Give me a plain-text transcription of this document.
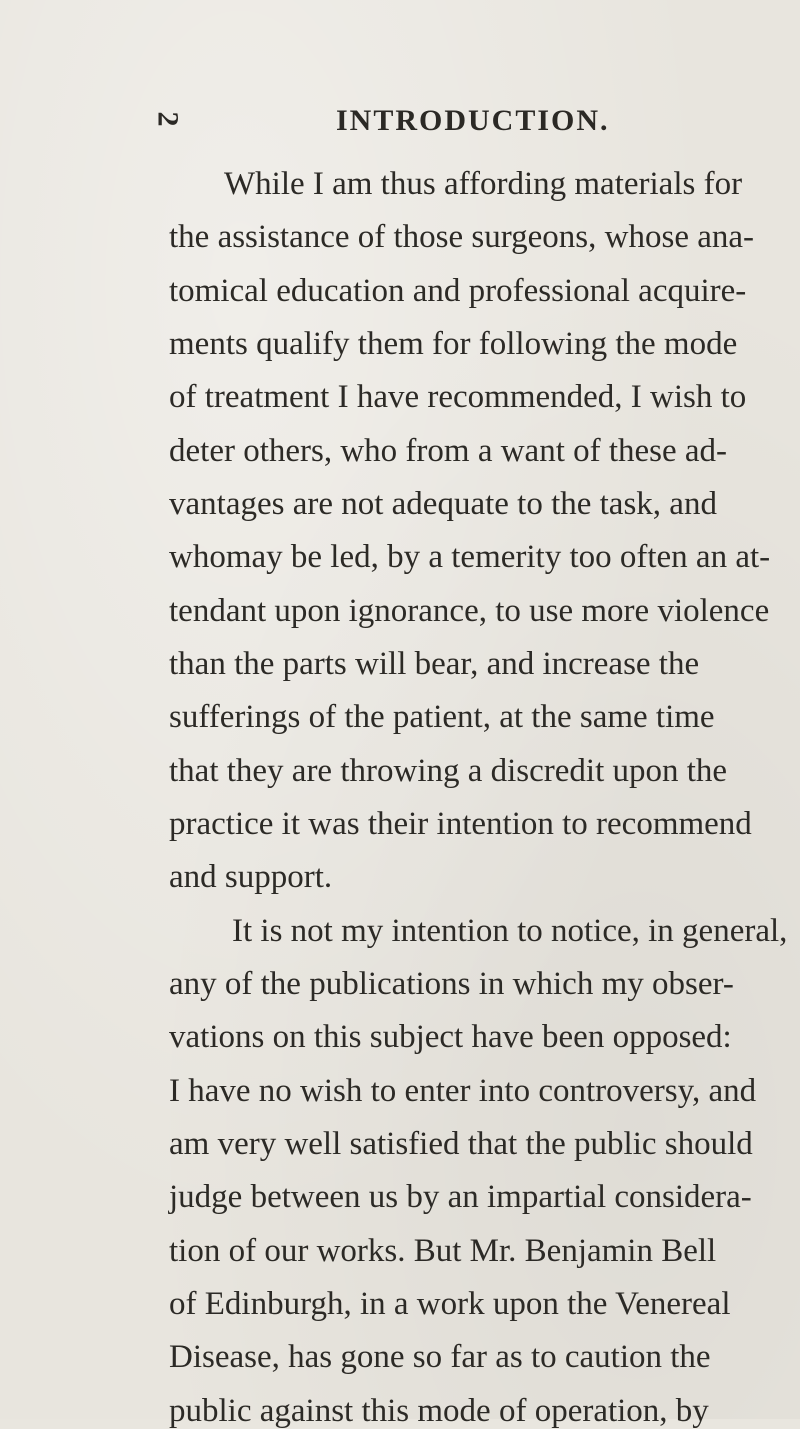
2	INTRODUCTION.
While I am thus affording materials for
the assistance of those surgeons, whose ana-
tomical education and professional acquire-
ments qualify them for following the mode
of treatment I have recommended, I wish to
deter others, who from a want of these ad-
vantages are not adequate to the task, and
whomay be led, by a temerity too often an at-
tendant upon ignorance, to use more violence
than the parts will bear, and increase the
sufferings of the patient, at the same time
that they are throwing a discredit upon the
practice it was their intention to recommend
and support.
It is not my intention to notice, in general,
any of the publications in which my obser-
vations on this subject have been opposed:
I have no wish to enter into controversy, and
am very well satisfied that the public should
judge between us by an impartial considera-
tion of our works. But Mr. Benjamin Bell
of Edinburgh, in a work upon the Venereal
Disease, has gone so far as to caution the
public against this mode of operation, by
